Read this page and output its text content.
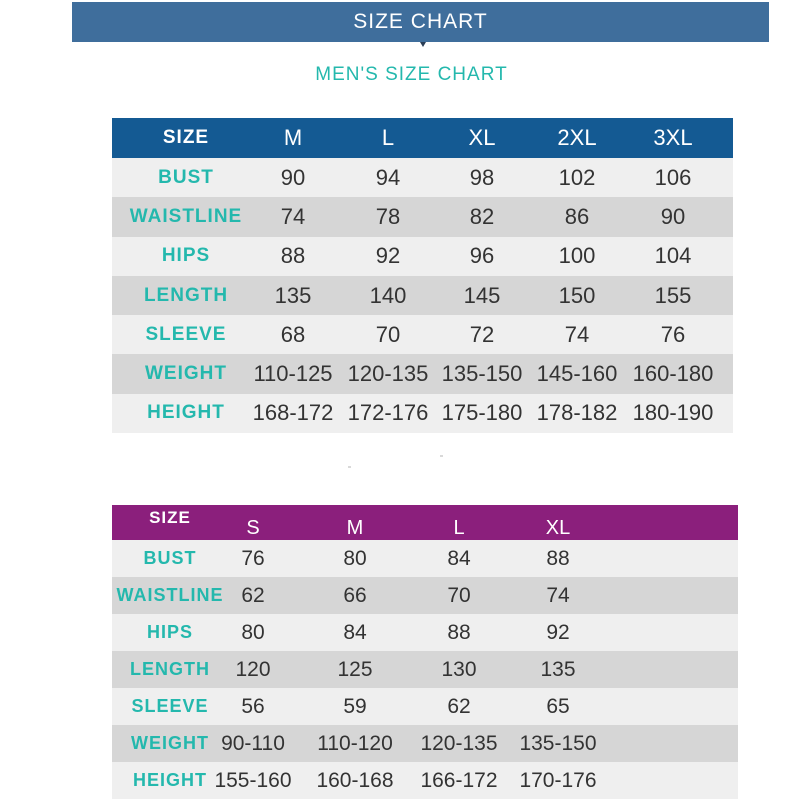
SIZE CHART
MEN'S SIZE CHART
SIZE	M	L	XL	2XL	3XL
BUST	90	94	98	102	106
WAISTLINE	74	78	82	86	90
HIPS	88	92	96	100	104
LENGTH	135	140	145	150	155
SLEEVE	68	70	72	74	76
WEIGHT	110-125 120-135 135-150 145-160 160-180
HEIGHT	168-172 172-176 175-180 178-182 180-190
SIZE	S	M	L	XL
BUST	76	80	84	88
WAISTLINE 62	66	70	74
HIPS	80	84	88	92
LENGTH	120	125	130	135
SLEEVE	56	59	62	65
WEIGHT 90-110	110-120	120-135	135-150
HEIGHT 155-160	160-168	166-172	170-176
